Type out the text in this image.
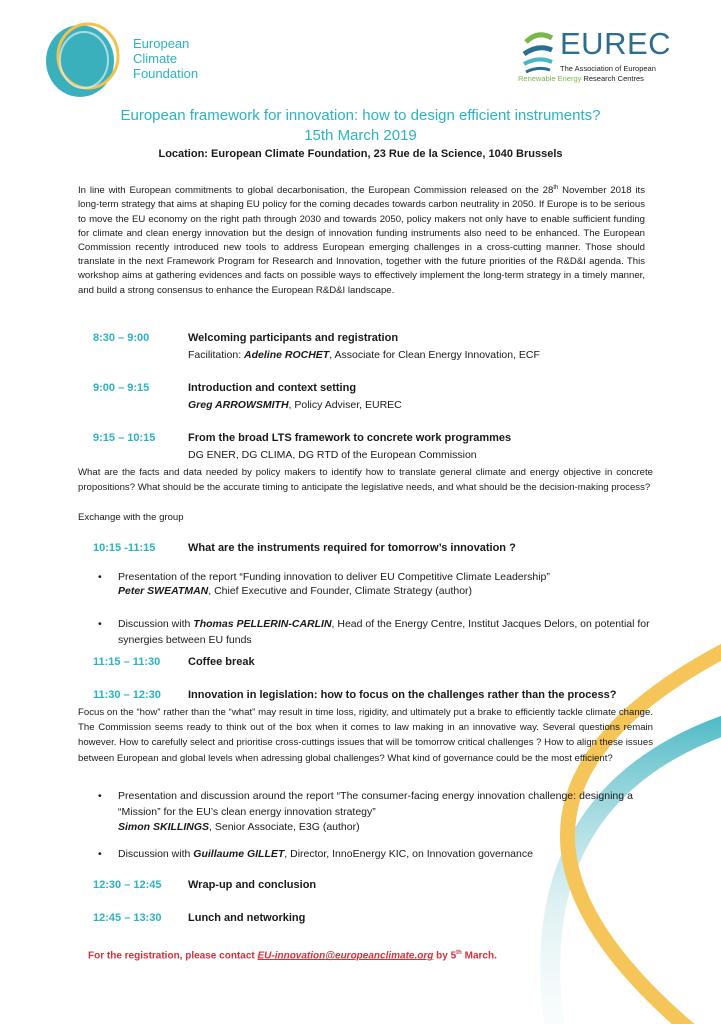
European
Climate
Foundation
EUREC
The Association of European
Renewable Energy Research Centres
European framework for innovation: how to design efficient instruments?
15th March 2019
Location: European Climate Foundation, 23 Rue de la Science, 1040 Brussels
In line with European commitments to global decarbonisation, the European Commission released on the 28th November 2018 its long-term strategy that aims at shaping EU policy for the coming decades towards carbon neutrality in 2050. If Europe is to be serious to move the EU economy on the right path through 2030 and towards 2050, policy makers not only have to enable sufficient funding for climate and clean energy innovation but the design of innovation funding instruments also need to be enhanced. The European Commission recently introduced new tools to address European emerging challenges in a cross-cutting manner. Those should translate in the next Framework Program for Research and Innovation, together with the future priorities of the R&D&I agenda. This workshop aims at gathering evidences and facts on possible ways to effectively implement the long-term strategy in a timely manner, and build a strong consensus to enhance the European R&D&I landscape.
8:30 – 9:00	Welcoming participants and registration
Facilitation: Adeline ROCHET, Associate for Clean Energy Innovation, ECF
9:00 – 9:15	Introduction and context setting
Greg ARROWSMITH, Policy Adviser, EUREC
9:15 – 10:15	From the broad LTS framework to concrete work programmes
DG ENER, DG CLIMA, DG RTD of the European Commission
What are the facts and data needed by policy makers to identify how to translate general climate and energy objective in concrete propositions? What should be the accurate timing to anticipate the legislative needs, and what should be the decision-making process?
Exchange with the group
10:15 -11:15	What are the instruments required for tomorrow’s innovation ?
• Presentation of the report “Funding innovation to deliver EU Competitive Climate Leadership”
Peter SWEATMAN, Chief Executive and Founder, Climate Strategy (author)
• Discussion with Thomas PELLERIN-CARLIN, Head of the Energy Centre, Institut Jacques Delors, on potential for synergies between EU funds
11:15 – 11:30	Coffee break
11:30 – 12:30 Innovation in legislation: how to focus on the challenges rather than the process?
Focus on the “how” rather than the “what” may result in time loss, rigidity, and ultimately put a brake to efficiently tackle climate change. The Commission seems ready to think out of the box when it comes to law making in an innovative way. Several questions remain however. How to carefully select and prioritise cross-cuttings issues that will be tomorrow critical challenges ? How to align these issues between European and global levels when adressing global challenges? What kind of governance could be the most efficient?
• Presentation and discussion around the report “The consumer-facing energy innovation challenge: designing a “Mission” for the EU’s clean energy innovation strategy”
Simon SKILLINGS, Senior Associate, E3G (author)
• Discussion with Guillaume GILLET, Director, InnoEnergy KIC, on Innovation governance
12:30 – 12:45 Wrap-up and conclusion
12:45 – 13:30 Lunch and networking
For the registration, please contact EU-innovation@europeanclimate.org by 5th March.
